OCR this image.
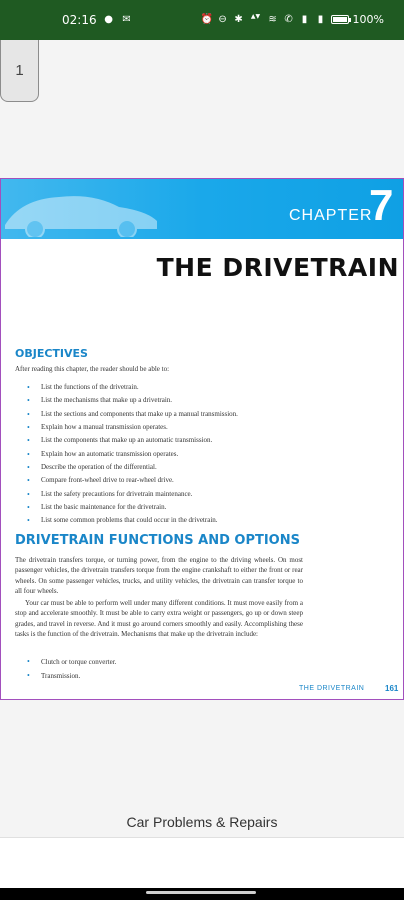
02:16 ● ✉	⏰ ⊖ ✱	▲▼ ≋ ✆ ▮	▮	100%
1
CHAPTER
7
THE DRIVETRAIN
OBJECTIVES
After reading this chapter, the reader should be able to:
• List the functions of the drivetrain.
• List the mechanisms that make up a drivetrain.
• List the sections and components that make up a manual transmission.
• Explain how a manual transmission operates.
• List the components that make up an automatic transmission.
• Explain how an automatic transmission operates.
• Describe the operation of the differential.
• Compare front-wheel drive to rear-wheel drive.
• List the safety precautions for drivetrain maintenance.
• List the basic maintenance for the drivetrain.
• List some common problems that could occur in the drivetrain.
DRIVETRAIN FUNCTIONS AND OPTIONS

The drivetrain transfers torque, or turning power, from the engine to the driving wheels. On most passenger vehicles, the drivetrain transfers torque from the engine crankshaft to either the front or rear wheels. On some passenger vehicles, trucks, and utility vehicles, the drivetrain can transfer torque to all four wheels.

Your car must be able to perform well under many different conditions. It must move easily from a stop and accelerate smoothly. It must be able to carry extra weight or passengers, go up or down steep grades, and travel in reverse. And it must go around corners smoothly and easily. Accomplishing these tasks is the function of the drivetrain. Mechanisms that make up the drivetrain include:

• Clutch or torque converter.
• Transmission.
THE DRIVETRAIN	161
Car Problems & Repairs
